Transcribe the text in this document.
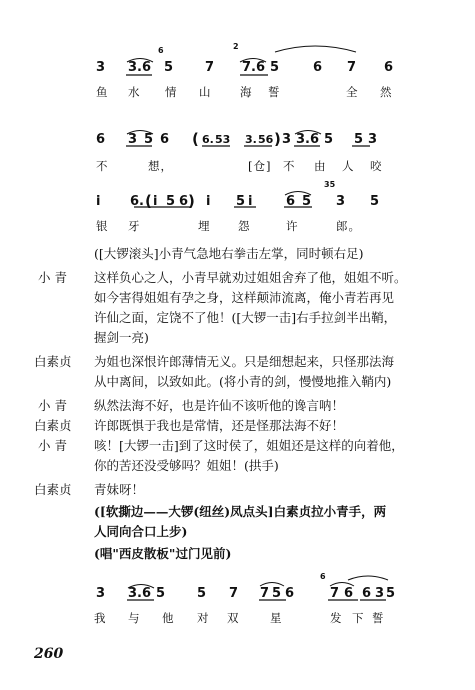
3 3. 6
6
5 7
2
7. 6 5	6 7 6
鱼 水 情 山 海 誓	全 然
6 3 5 6 ( 6. 53 3. 56 ) 3 3. 6 5 5 3
不	想，	[仓] 不 由 人 咬
i 6. ( i 5 6 ) i 5 i	6 5
35
3 5
银 牙	埋 怨	许	郎。
([大锣滚头]小青气急地右拳击左掌，同时顿右足)
小 青 这样负心之人，小青早就劝过姐姐舍弃了他，姐姐不听。
如今害得姐姐有孕之身，这样颠沛流离，俺小青若再见
许仙之面，定饶不了他！([大锣一击]右手拉剑半出鞘，
握剑一亮)
白素贞 为姐也深恨许郎薄情无义。只是细想起来，只怪那法海
从中离间，以致如此。(将小青的剑，慢慢地推入鞘内)
小 青 纵然法海不好，也是许仙不该听他的谗言呐！
白素贞 许郎既惧于我也是常情，还是怪那法海不好！
小 青 咳！[大锣一击]到了这时侯了，姐姐还是这样的向着他，
你的苦还没受够吗？姐姐！(拱手)
白素贞 青妹呀！
([软撕边——大锣(纽丝)凤点头]白素贞拉小青手，两
人同向合口上步)
(唱"西皮散板"过门见前)
3 3. 6 5 5 7 7 5 6
6
7 6 6 3 5
我 与 他 对 双	星	发 下 誓
260
